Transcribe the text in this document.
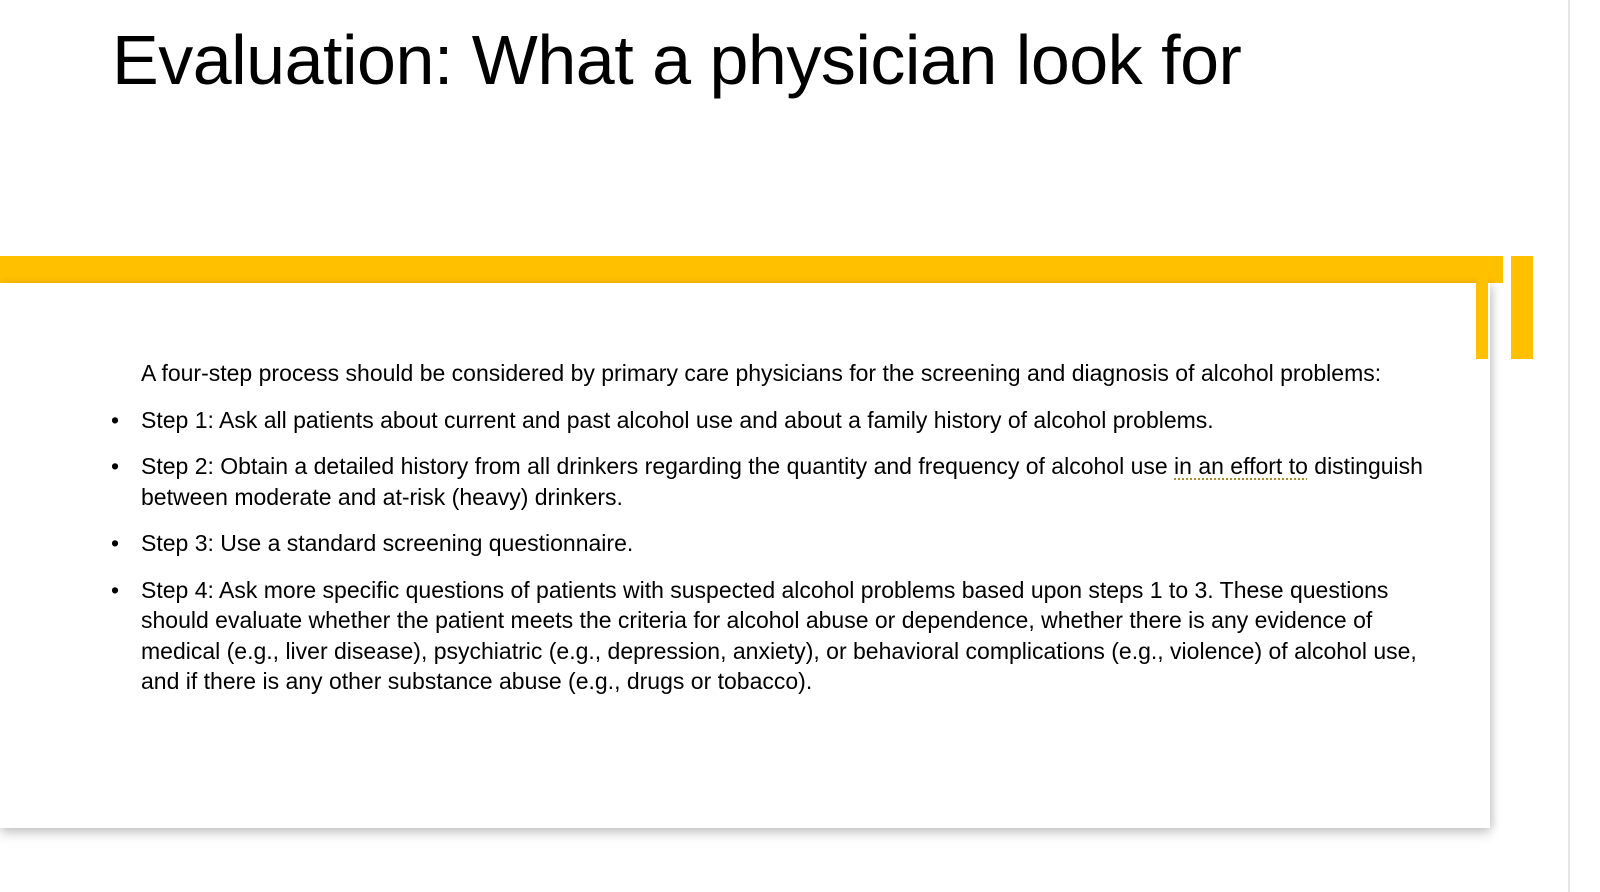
Evaluation: What a physician look for

A four-step process should be considered by primary care physicians for the screening and diagnosis of alcohol problems:

• Step 1: Ask all patients about current and past alcohol use and about a family history of alcohol problems.
• Step 2: Obtain a detailed history from all drinkers regarding the quantity and frequency of alcohol use in an effort to distinguish between moderate and at-risk (heavy) drinkers.
• Step 3: Use a standard screening questionnaire.
• Step 4: Ask more specific questions of patients with suspected alcohol problems based upon steps 1 to 3. These questions should evaluate whether the patient meets the criteria for alcohol abuse or dependence, whether there is any evidence of medical (e.g., liver disease), psychiatric (e.g., depression, anxiety), or behavioral complications (e.g., violence) of alcohol use, and if there is any other substance abuse (e.g., drugs or tobacco).
